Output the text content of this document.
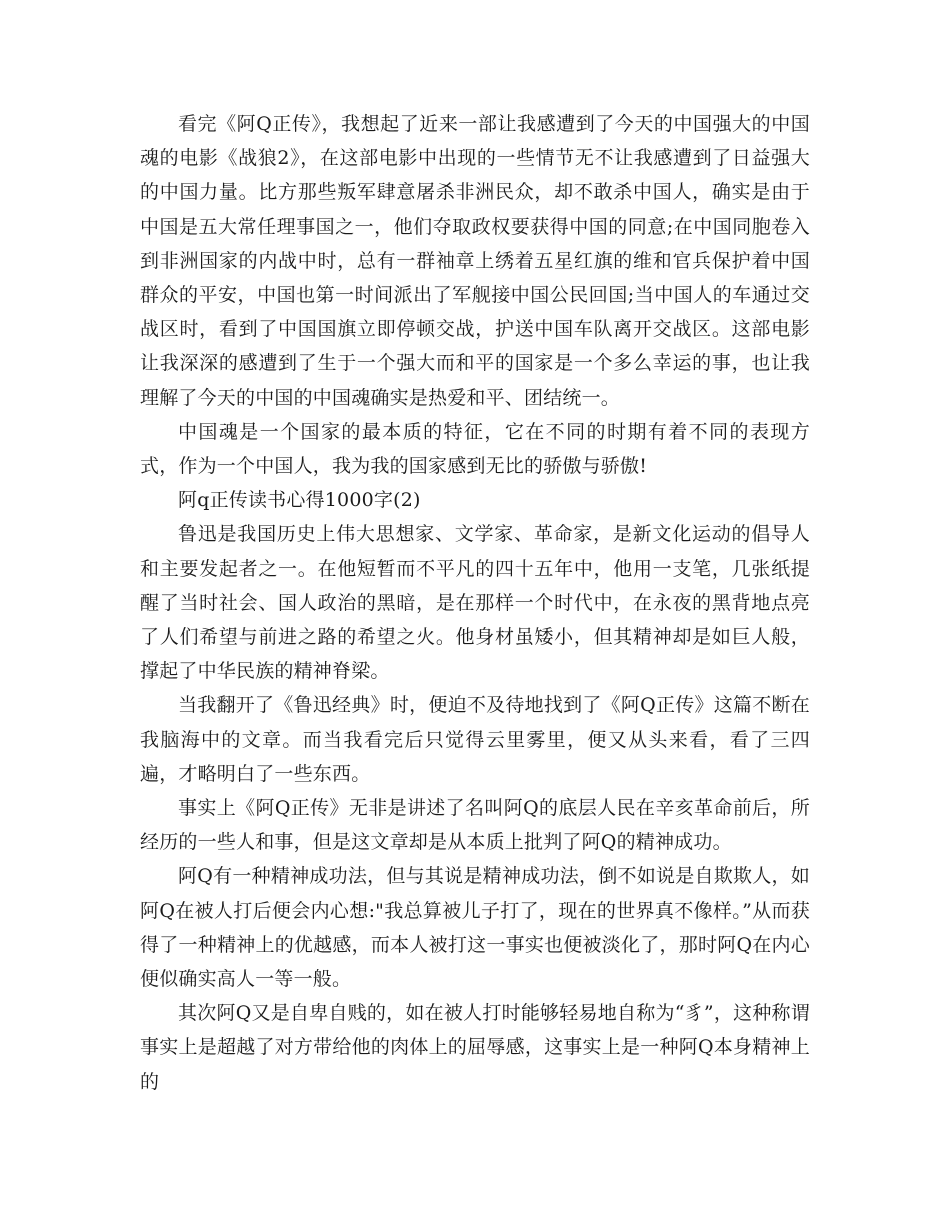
看完《阿Q正传》，我想起了近来一部让我感遭到了今天的中国强大的中国魂的电影《战狼2》，在这部电影中出现的一些情节无不让我感遭到了日益强大的中国力量。比方那些叛军肆意屠杀非洲民众，却不敢杀中国人，确实是由于中国是五大常任理事国之一，他们夺取政权要获得中国的同意;在中国同胞卷入到非洲国家的内战中时，总有一群袖章上绣着五星红旗的维和官兵保护着中国群众的平安，中国也第一时间派出了军舰接中国公民回国;当中国人的车通过交战区时，看到了中国国旗立即停顿交战，护送中国车队离开交战区。这部电影让我深深的感遭到了生于一个强大而和平的国家是一个多么幸运的事，也让我理解了今天的中国的中国魂确实是热爱和平、团结统一。

中国魂是一个国家的最本质的特征，它在不同的时期有着不同的表现方式，作为一个中国人，我为我的国家感到无比的骄傲与骄傲!

阿q正传读书心得1000字(2)

鲁迅是我国历史上伟大思想家、文学家、革命家，是新文化运动的倡导人和主要发起者之一。在他短暂而不平凡的四十五年中，他用一支笔，几张纸提醒了当时社会、国人政治的黑暗，是在那样一个时代中，在永夜的黑背地点亮了人们希望与前进之路的希望之火。他身材虽矮小，但其精神却是如巨人般，撑起了中华民族的精神脊梁。

当我翻开了《鲁迅经典》时，便迫不及待地找到了《阿Q正传》这篇不断在我脑海中的文章。而当我看完后只觉得云里雾里，便又从头来看，看了三四遍，才略明白了一些东西。

事实上《阿Q正传》无非是讲述了名叫阿Q的底层人民在辛亥革命前后，所经历的一些人和事，但是这文章却是从本质上批判了阿Q的精神成功。

阿Q有一种精神成功法，但与其说是精神成功法，倒不如说是自欺欺人，如阿Q在被人打后便会内心想:"我总算被儿子打了，现在的世界真不像样。”从而获得了一种精神上的优越感，而本人被打这一事实也便被淡化了，那时阿Q在内心便似确实高人一等一般。

其次阿Q又是自卑自贱的，如在被人打时能够轻易地自称为“豸”，这种称谓事实上是超越了对方带给他的肉体上的屈辱感，这事实上是一种阿Q本身精神上的
